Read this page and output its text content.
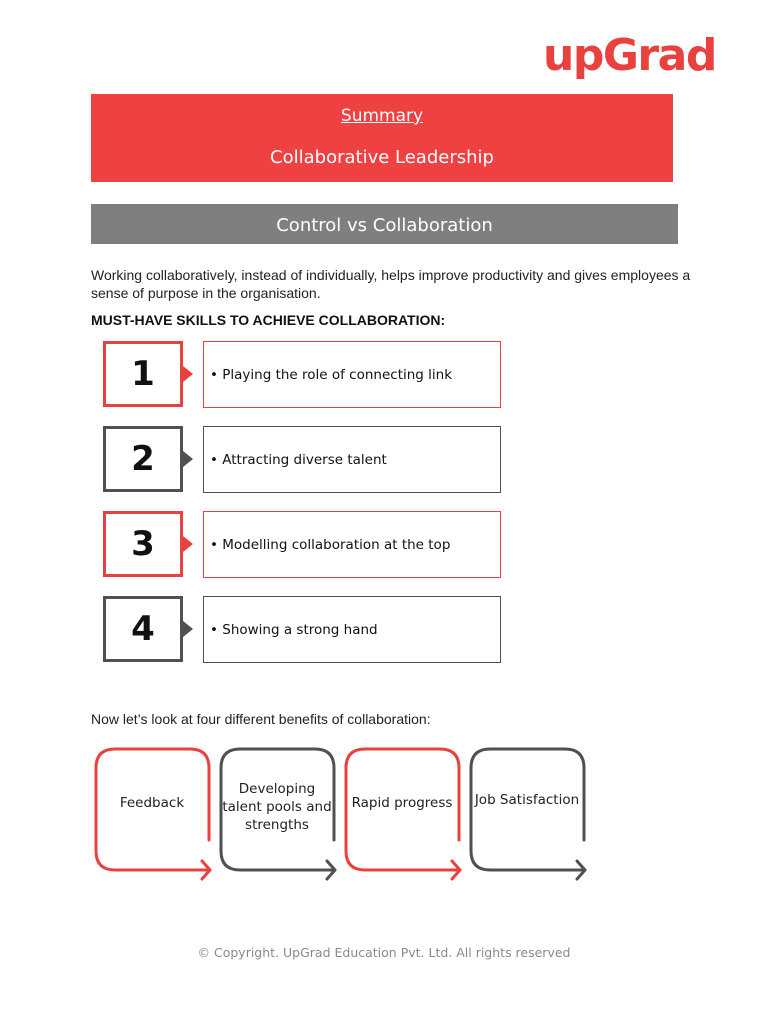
upGrad
Summary
Collaborative Leadership
Control vs Collaboration
Working collaboratively, instead of individually, helps improve productivity and gives employees a sense of purpose in the organisation.
MUST-HAVE SKILLS TO ACHIEVE COLLABORATION:
1	• Playing the role of connecting link
2	• Attracting diverse talent
3	• Modelling collaboration at the top
4	• Showing a strong hand
Now let’s look at four different benefits of collaboration:
Feedback
Developing talent pools and strengths
Rapid progress	Job Satisfaction
© Copyright. UpGrad Education Pvt. Ltd. All rights reserved
